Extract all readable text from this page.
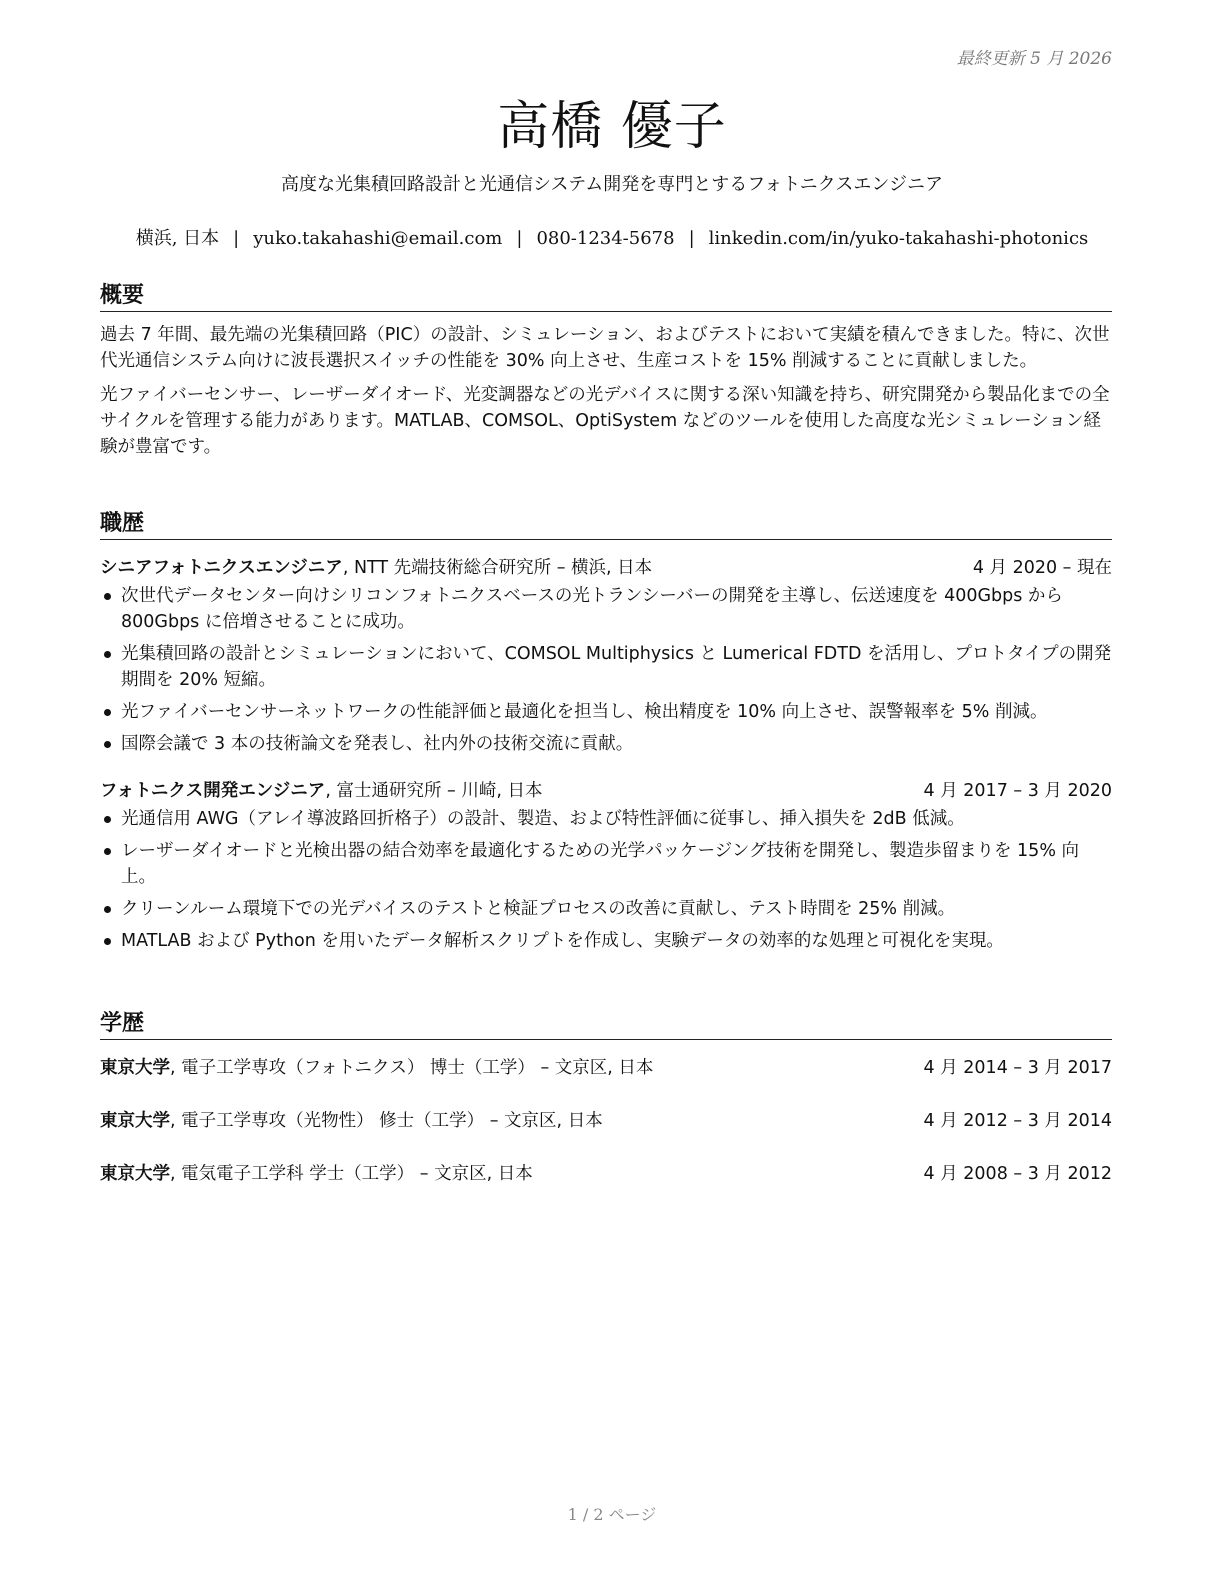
最終更新 5 月 2026
高橋 優子
高度な光集積回路設計と光通信システム開発を専門とするフォトニクスエンジニア
横浜, 日本 | yuko.takahashi@email.com | 080-1234-5678 | linkedin.com/in/yuko-takahashi-photonics
概要

過去 7 年間、最先端の光集積回路（PIC）の設計、シミュレーション、およびテストにおいて実績を積んできました。特に、次世代光通信システム向けに波長選択スイッチの性能を 30% 向上させ、生産コストを 15% 削減することに貢献しました。

光ファイバーセンサー、レーザーダイオード、光変調器などの光デバイスに関する深い知識を持ち、研究開発から製品化までの全サイクルを管理する能力があります。MATLAB、COMSOL、OptiSystem などのツールを使用した高度な光シミュレーション経験が豊富です。

職歴
シニアフォトニクスエンジニア, NTT 先端技術総合研究所 – 横浜, 日本	4 月 2020 – 現在
次世代データセンター向けシリコンフォトニクスベースの光トランシーバーの開発を主導し、伝送速度を 400Gbps から 800Gbps に倍増させることに成功。
光集積回路の設計とシミュレーションにおいて、COMSOL Multiphysics と Lumerical FDTD を活用し、プロトタイプの開発期間を 20% 短縮。
光ファイバーセンサーネットワークの性能評価と最適化を担当し、検出精度を 10% 向上させ、誤警報率を 5% 削減。
国際会議で 3 本の技術論文を発表し、社内外の技術交流に貢献。
フォトニクス開発エンジニア, 富士通研究所 – 川崎, 日本	4 月 2017 – 3 月 2020
光通信用 AWG（アレイ導波路回折格子）の設計、製造、および特性評価に従事し、挿入損失を 2dB 低減。
レーザーダイオードと光検出器の結合効率を最適化するための光学パッケージング技術を開発し、製造歩留まりを 15% 向上。
クリーンルーム環境下での光デバイスのテストと検証プロセスの改善に貢献し、テスト時間を 25% 削減。
MATLAB および Python を用いたデータ解析スクリプトを作成し、実験データの効率的な処理と可視化を実現。
学歴
東京大学, 電子工学専攻（フォトニクス） 博士（工学） – 文京区, 日本	4 月 2014 – 3 月 2017
東京大学, 電子工学専攻（光物性） 修士（工学） – 文京区, 日本	4 月 2012 – 3 月 2014
東京大学, 電気電子工学科 学士（工学） – 文京区, 日本	4 月 2008 – 3 月 2012
1 / 2 ページ
